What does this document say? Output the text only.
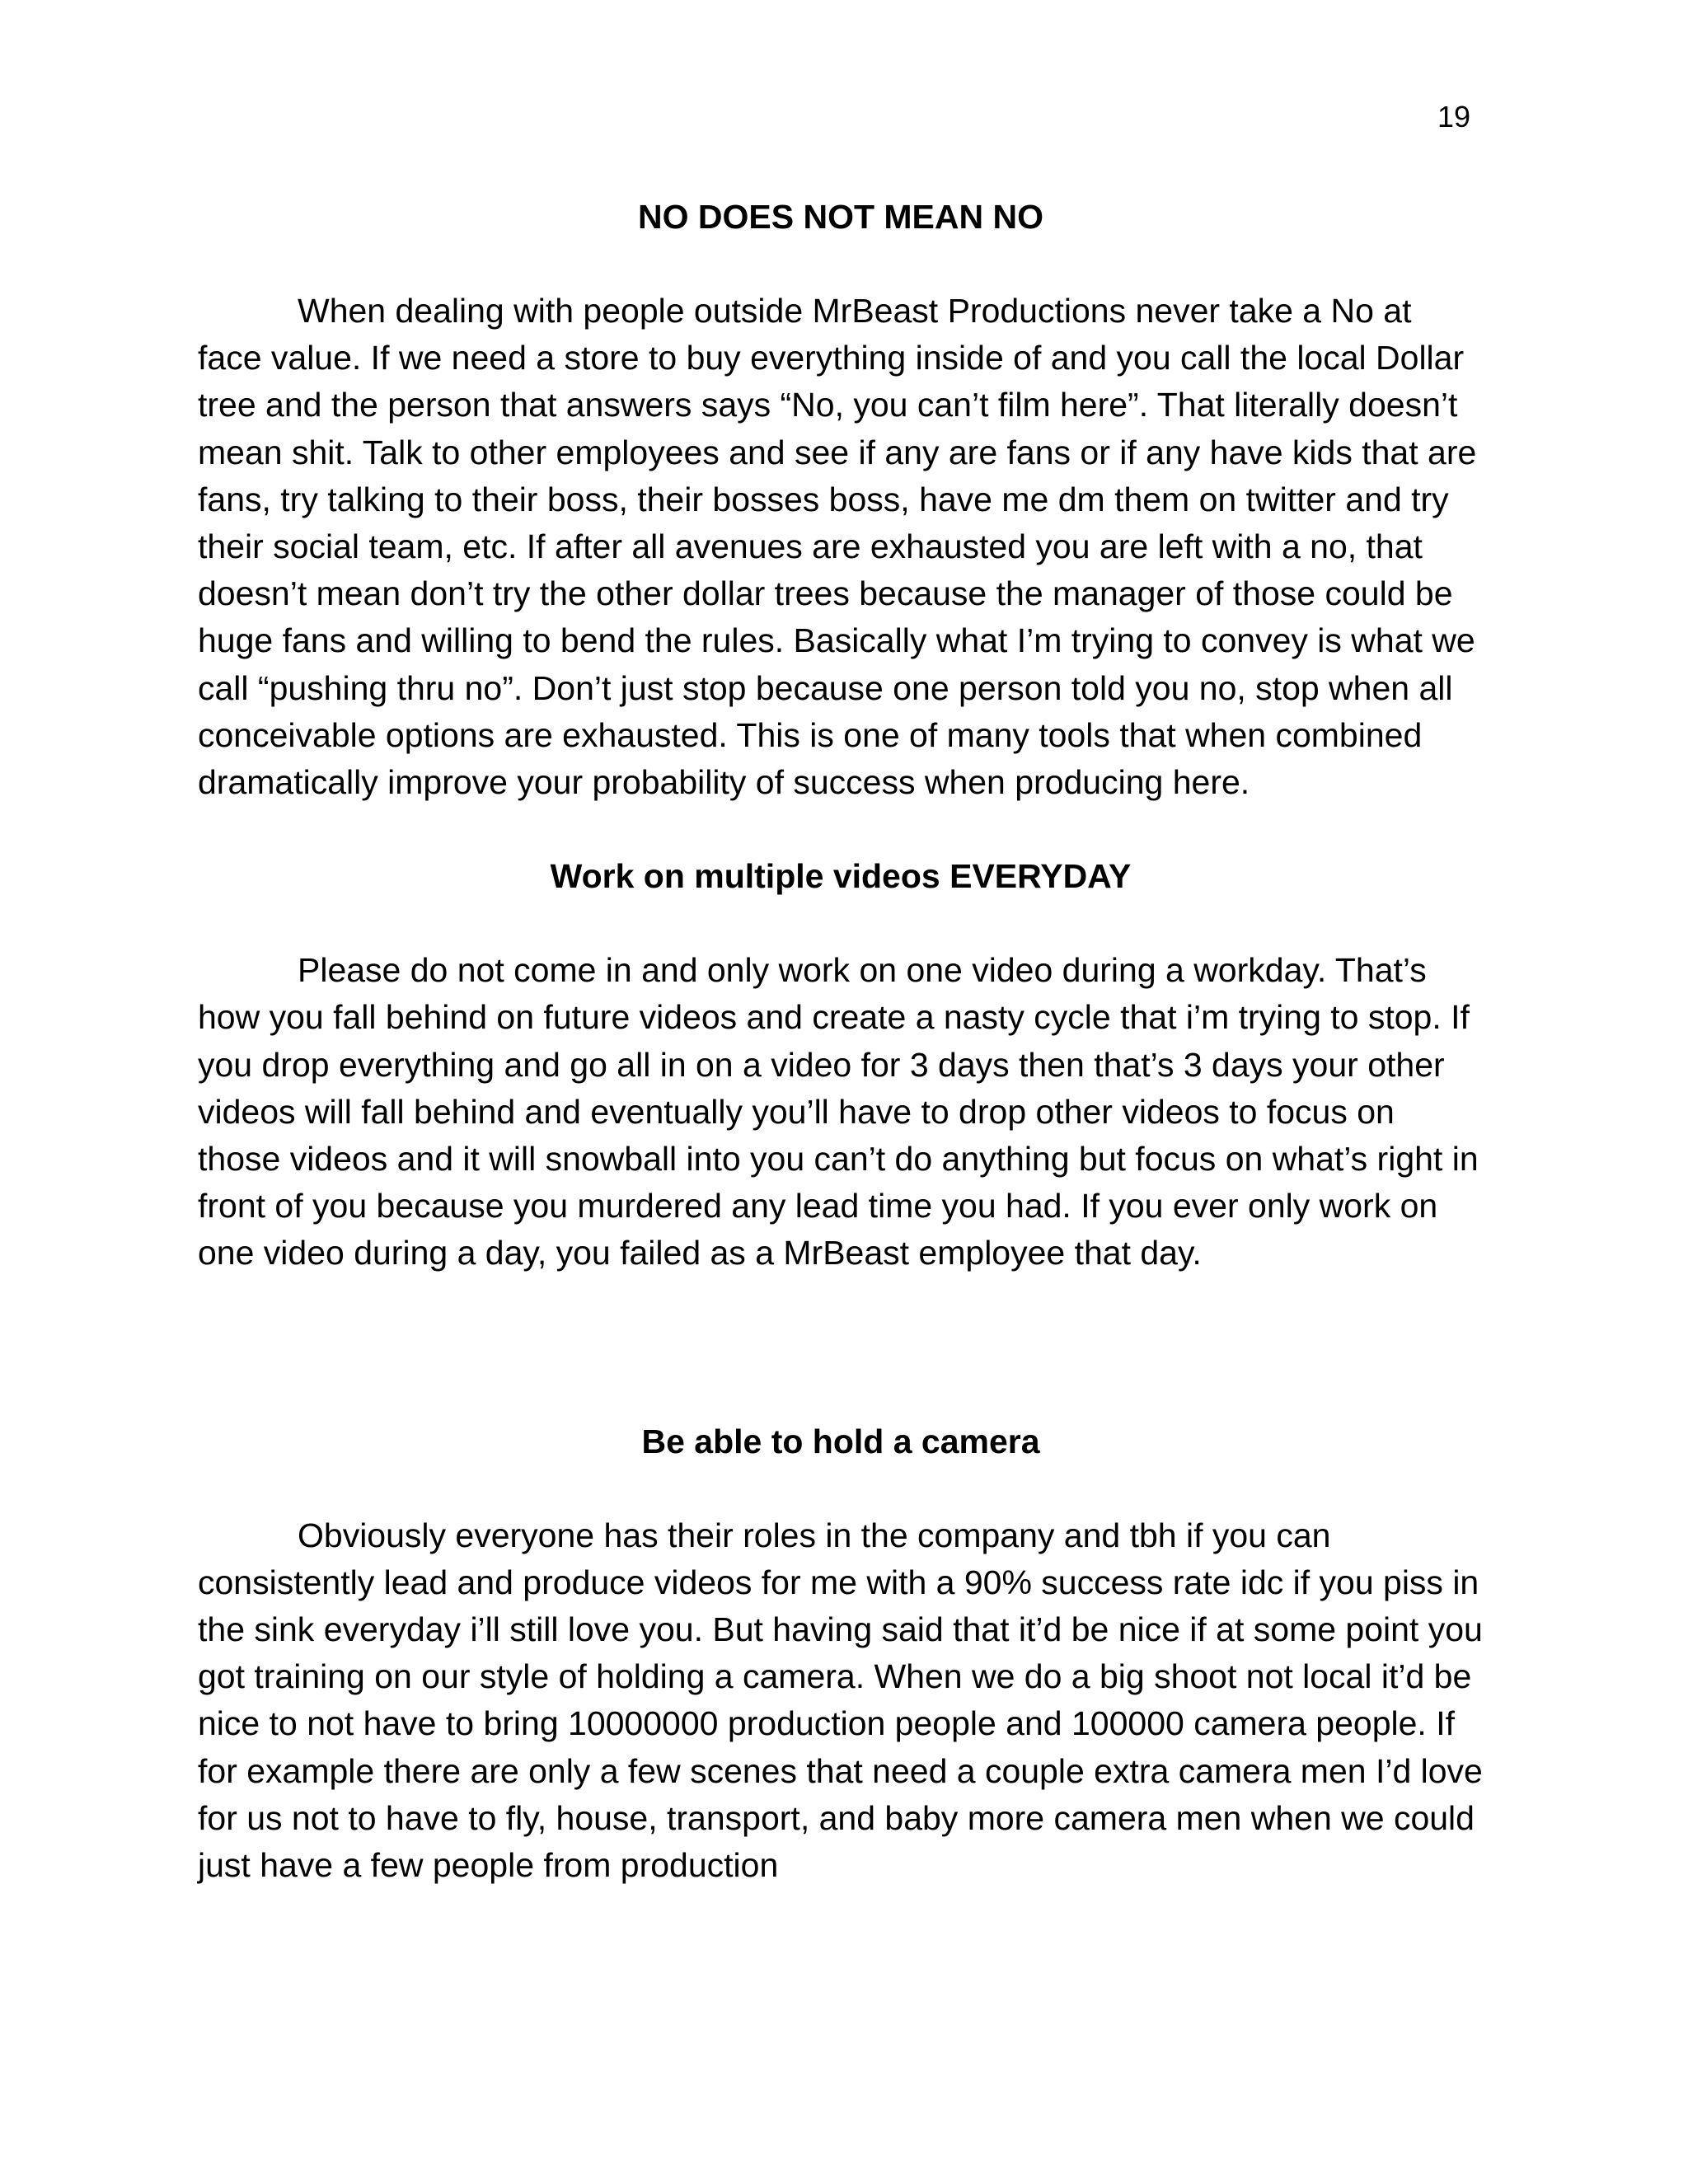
19
NO DOES NOT MEAN NO

When dealing with people outside MrBeast Productions never take a No at face value. If we need a store to buy everything inside of and you call the local Dollar tree and the person that answers says “No, you can’t film here”. That literally doesn’t mean shit. Talk to other employees and see if any are fans or if any have kids that are fans, try talking to their boss, their bosses boss, have me dm them on twitter and try their social team, etc. If after all avenues are exhausted you are left with a no, that doesn’t mean don’t try the other dollar trees because the manager of those could be huge fans and willing to bend the rules. Basically what I’m trying to convey is what we call “pushing thru no”. Don’t just stop because one person told you no, stop when all conceivable options are exhausted. This is one of many tools that when combined dramatically improve your probability of success when producing here.

Work on multiple videos EVERYDAY

Please do not come in and only work on one video during a workday. That’s how you fall behind on future videos and create a nasty cycle that i’m trying to stop. If you drop everything and go all in on a video for 3 days then that’s 3 days your other videos will fall behind and eventually you’ll have to drop other videos to focus on those videos and it will snowball into you can’t do anything but focus on what’s right in front of you because you murdered any lead time you had. If you ever only work on one video during a day, you failed as a MrBeast employee that day.

Be able to hold a camera

Obviously everyone has their roles in the company and tbh if you can consistently lead and produce videos for me with a 90% success rate idc if you piss in the sink everyday i’ll still love you. But having said that it’d be nice if at some point you got training on our style of holding a camera. When we do a big shoot not local it’d be nice to not have to bring 10000000 production people and 100000 camera people. If for example there are only a few scenes that need a couple extra camera men I’d love for us not to have to fly, house, transport, and baby more camera men when we could just have a few people from production
